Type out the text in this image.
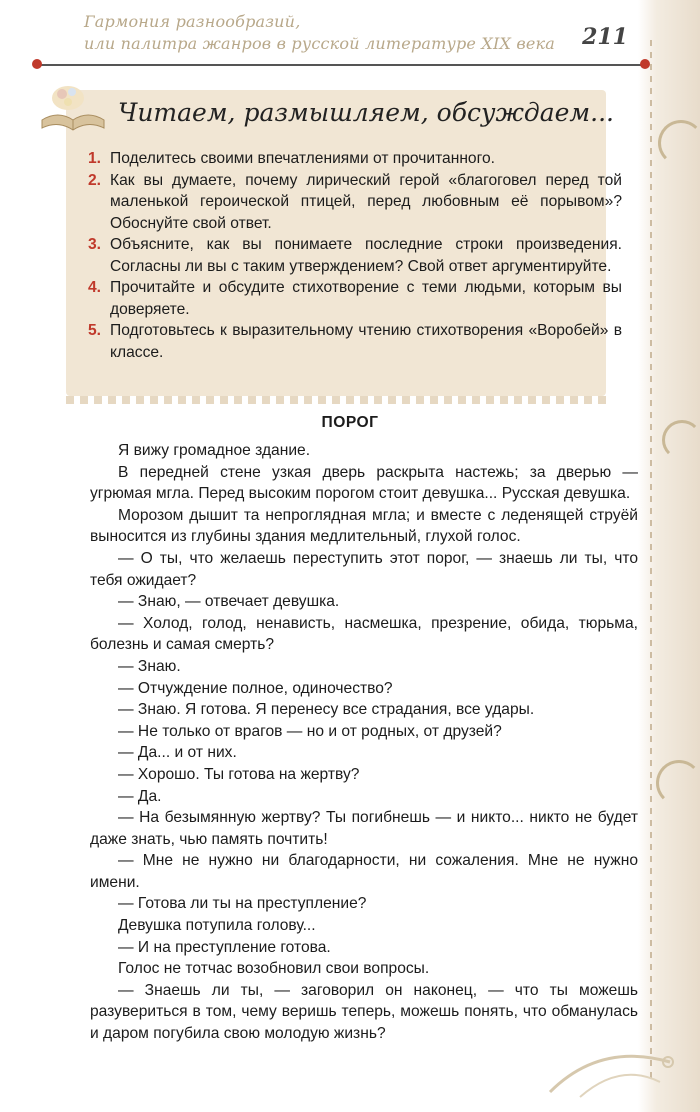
Гармония разнообразий,
или палитра жанров в русской литературе XIX века 211
Читаем, размышляем, обсуждаем...
1. Поделитесь своими впечатлениями от прочитанного.
2. Как вы думаете, почему лирический герой «благоговел перед той маленькой героической птицей, перед любовным её порывом»? Обоснуйте свой ответ.
3. Объясните, как вы понимаете последние строки произведения. Согласны ли вы с таким утверждением? Свой ответ аргументируйте.
4. Прочитайте и обсудите стихотворение с теми людьми, которым вы доверяете.
5. Подготовьтесь к выразительному чтению стихотворения «Воробей» в классе.
ПОРОГ

Я вижу громадное здание.

В передней стене узкая дверь раскрыта настежь; за дверью — угрюмая мгла. Перед высоким порогом стоит девушка... Русская девушка.

Морозом дышит та непроглядная мгла; и вместе с леденящей струёй выносится из глубины здания медлительный, глухой голос.

— О ты, что желаешь переступить этот порог, — знаешь ли ты, что тебя ожидает?

— Знаю, — отвечает девушка.

— Холод, голод, ненависть, насмешка, презрение, обида, тюрьма, болезнь и самая смерть?

— Знаю.

— Отчуждение полное, одиночество?

— Знаю. Я готова. Я перенесу все страдания, все удары.

— Не только от врагов — но и от родных, от друзей?

— Да... и от них.

— Хорошо. Ты готова на жертву?

— Да.

— На безымянную жертву? Ты погибнешь — и никто... никто не будет даже знать, чью память почтить!

— Мне не нужно ни благодарности, ни сожаления. Мне не нужно имени.

— Готова ли ты на преступление?

Девушка потупила голову...

— И на преступление готова.

Голос не тотчас возобновил свои вопросы.

— Знаешь ли ты, — заговорил он наконец, — что ты можешь разувериться в том, чему веришь теперь, можешь понять, что обманулась и даром погубила свою молодую жизнь?
